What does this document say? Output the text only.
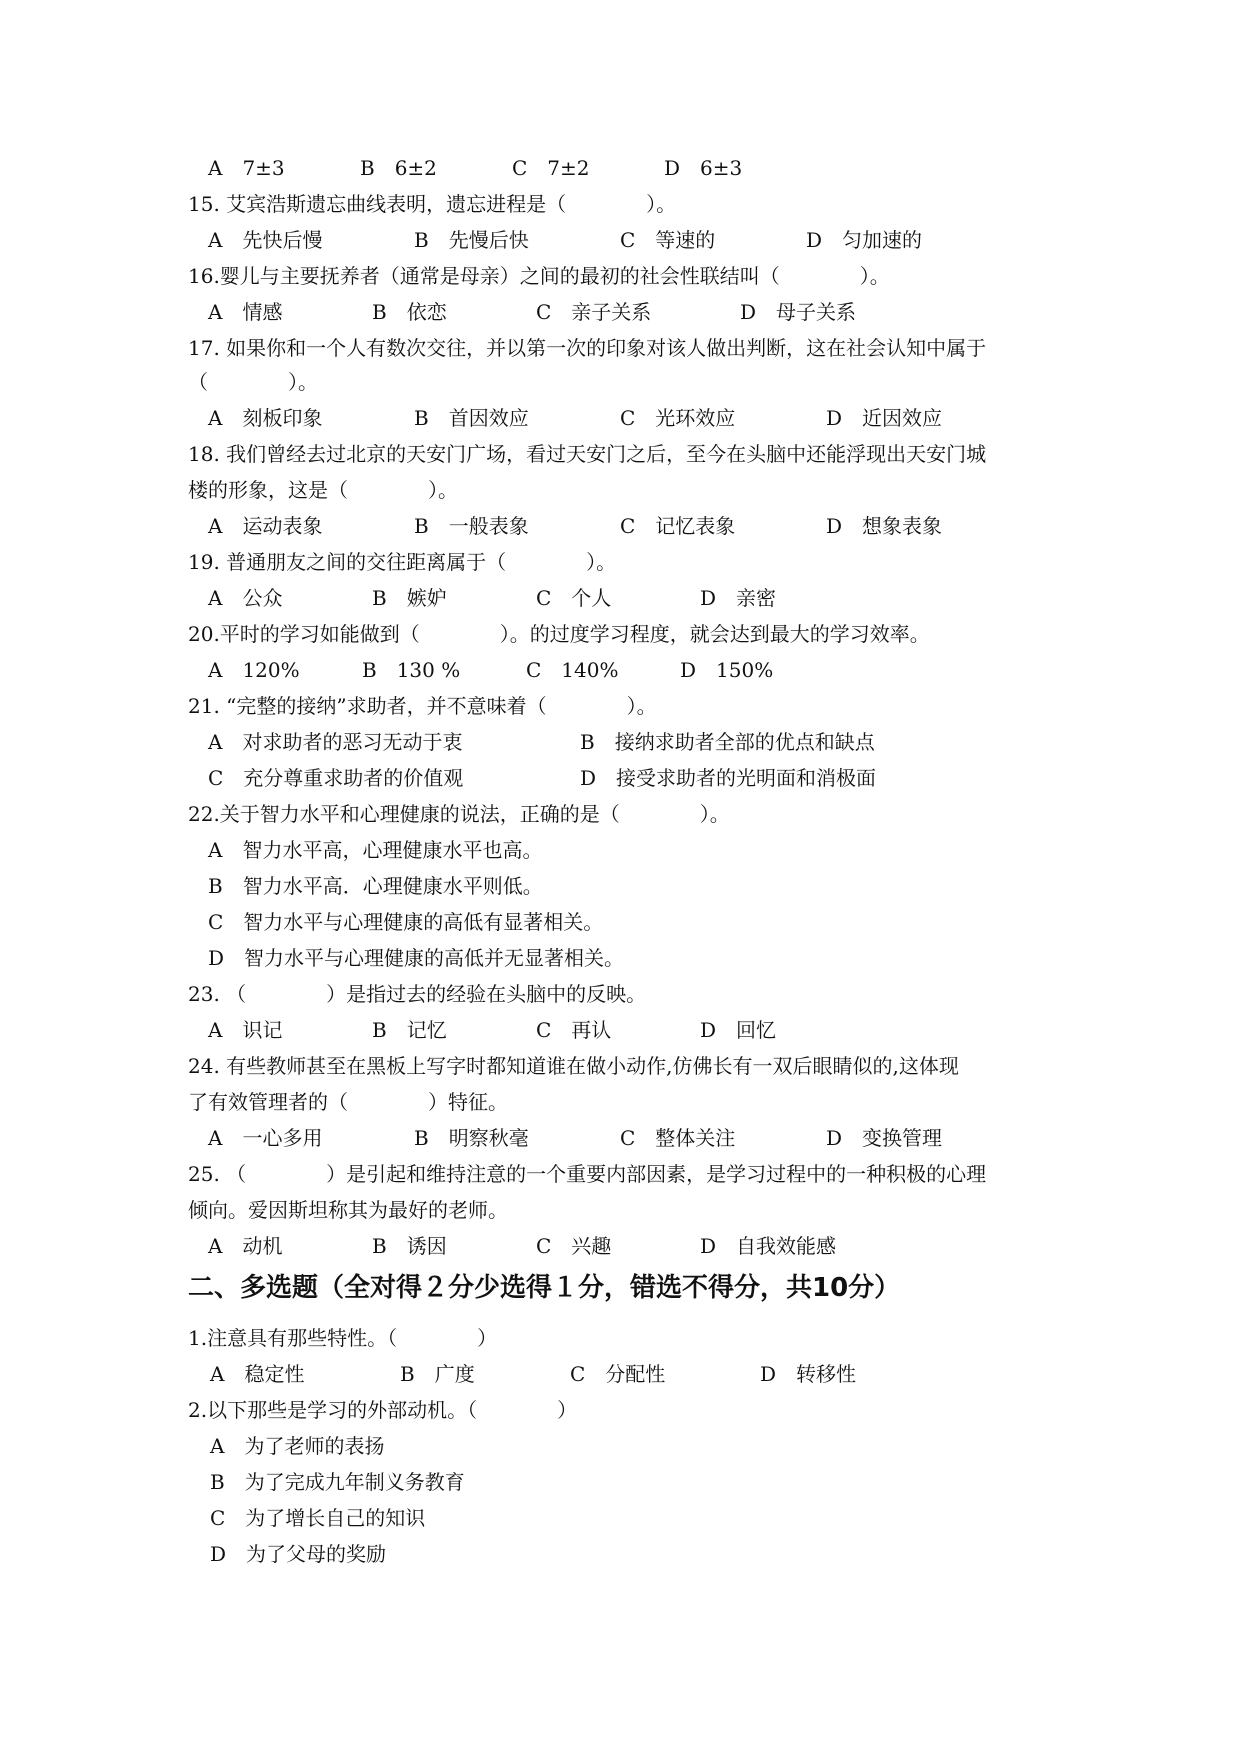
A　7±3

	B　6±2

	C　7±2

	D　6±3

15. 艾宾浩斯遗忘曲线表明，遗忘进程是（　　　　）。

A　先快后慢

	B　先慢后快

	C　等速的

	D　匀加速的

16.婴儿与主要抚养者（通常是母亲）之间的最初的社会性联结叫（　　　　）。

A　情感

	B　依恋

	C　亲子关系

	D　母子关系

17. 如果你和一个人有数次交往，并以第一次的印象对该人做出判断，这在社会认知中属于
（　　　　）。

A　刻板印象

	B　首因效应

	C　光环效应

	D　近因效应

18. 我们曾经去过北京的天安门广场，看过天安门之后，至今在头脑中还能浮现出天安门城
楼的形象，这是（　　　　）。

A　运动表象

	B　一般表象

	C　记忆表象

	D　想象表象

19. 普通朋友之间的交往距离属于（　　　　）。

A　公众

	B　嫉妒

	C　个人

	D　亲密

20.平时的学习如能做到（　　　　）。的过度学习程度，就会达到最大的学习效率。

A　120%

	B　130 %

	C　140%

	D　150%

21. “完整的接纳”求助者，并不意味着（　　　　）。

A　对求助者的恶习无动于衷

	B　接纳求助者全部的优点和缺点

C　充分尊重求助者的价值观

	D　接受求助者的光明面和消极面

22.关于智力水平和心理健康的说法，正确的是（　　　　）。
A　智力水平高，心理健康水平也高。
B　智力水平高．心理健康水平则低。
C　智力水平与心理健康的高低有显著相关。
D　智力水平与心理健康的高低并无显著相关。
23. （　　　　）是指过去的经验在头脑中的反映。

A　识记

	B　记忆

	C　再认

	D　回忆

24. 有些教师甚至在黑板上写字时都知道谁在做小动作,仿佛长有一双后眼睛似的,这体现
了有效管理者的（　　　　）特征。

A　一心多用

	B　明察秋毫

	C　整体关注

	D　变换管理

25. （　　　　）是引起和维持注意的一个重要内部因素，是学习过程中的一种积极的心理
倾向。爱因斯坦称其为最好的老师。

A　动机

	B　诱因

	C　兴趣

	D　自我效能感

二、多选题（全对得２分少选得１分，错选不得分，共10分）
1.注意具有那些特性。（　　　　）

A　稳定性

	B　广度

	C　分配性

	D　转移性

2.以下那些是学习的外部动机。（　　　　）
A　为了老师的表扬
B　为了完成九年制义务教育
C　为了增长自己的知识
D　为了父母的奖励
